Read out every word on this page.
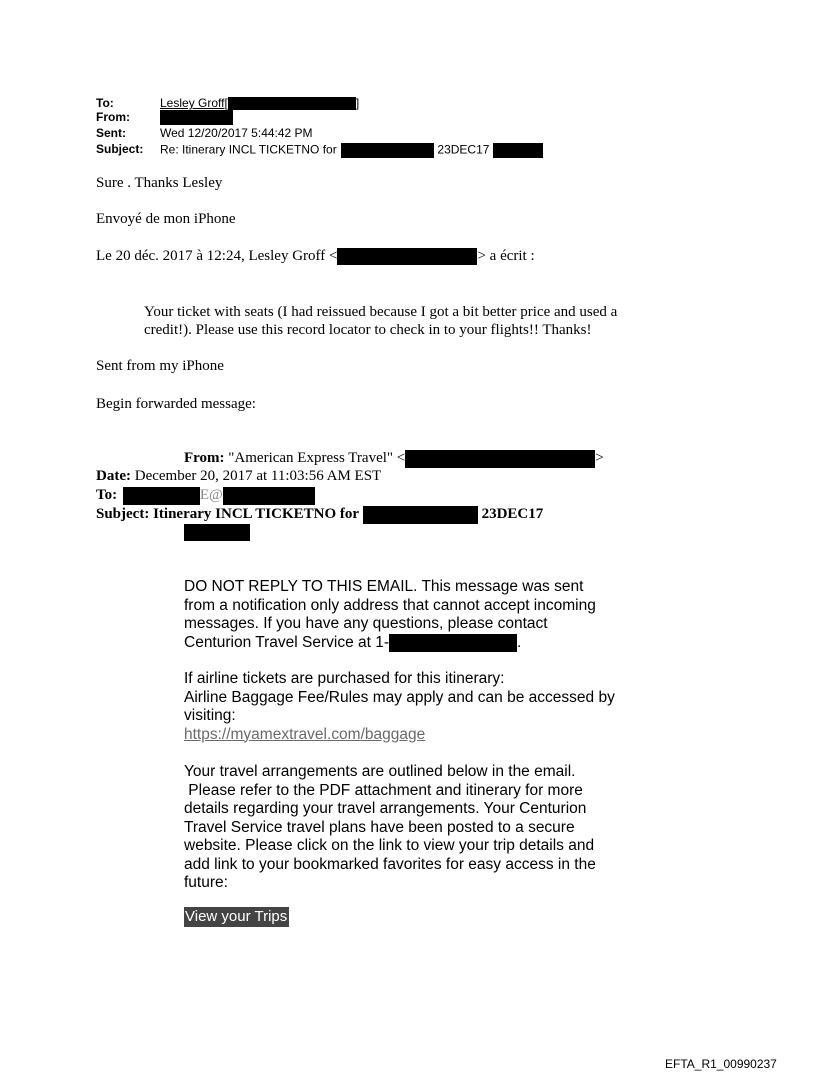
To:	Lesley Groff[	]
From:
Sent:	Wed 12/20/2017 5:44:42 PM
Subject: Re: Itinerary INCL TICKETNO for	23DEC17
Sure . Thanks Lesley
Envoyé de mon iPhone
Le 20 déc. 2017 à 12:24, Lesley Groff <	> a écrit :
Your ticket with seats (I had reissued because I got a bit better price and used a
credit!). Please use this record locator to check in to your flights!! Thanks!
Sent from my iPhone
Begin forwarded message:
From: "American Express Travel" <	>
Date: December 20, 2017 at 11:03:56 AM EST
To:	E@
Subject: Itinerary INCL TICKETNO for	23DEC17
DO NOT REPLY TO THIS EMAIL. This message was sent
from a notification only address that cannot accept incoming
messages. If you have any questions, please contact
Centurion Travel Service at 1-	.
If airline tickets are purchased for this itinerary:
Airline Baggage Fee/Rules may apply and can be accessed by
visiting:
https://myamextravel.com/baggage
Your travel arrangements are outlined below in the email.
Please refer to the PDF attachment and itinerary for more
details regarding your travel arrangements. Your Centurion
Travel Service travel plans have been posted to a secure
website. Please click on the link to view your trip details and
add link to your bookmarked favorites for easy access in the
future:
View your Trips
EFTA_R1_00990237
